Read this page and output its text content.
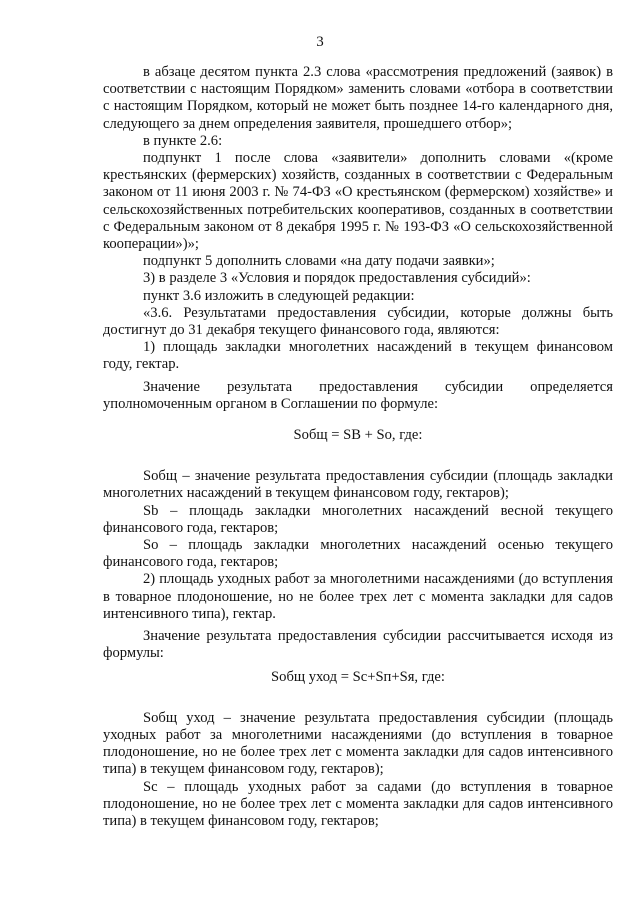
3

в абзаце десятом пункта 2.3 слова «рассмотрения предложений (заявок) в соответствии с настоящим Порядком» заменить словами «отбора в соответствии с настоящим Порядком, который не может быть позднее 14-го календарного дня, следующего за днем определения заявителя, прошедшего отбор»;

в пункте 2.6:

подпункт 1 после слова «заявители» дополнить словами «(кроме крестьянских (фермерских) хозяйств, созданных в соответствии с Федеральным законом от 11 июня 2003 г. № 74-ФЗ «О крестьянском (фермерском) хозяйстве» и сельскохозяйственных потребительских кооперативов, созданных в соответствии с Федеральным законом от 8 декабря 1995 г. № 193-ФЗ «О сельскохозяйственной кооперации»)»;

подпункт 5 дополнить словами «на дату подачи заявки»;

3) в разделе 3 «Условия и порядок предоставления субсидий»:

пункт 3.6 изложить в следующей редакции:

«3.6. Результатами предоставления субсидии, которые должны быть достигнут до 31 декабря текущего финансового года, являются:

1) площадь закладки многолетних насаждений в текущем финансовом году, гектар.

Значение результата предоставления субсидии определяется уполномоченным органом в Соглашении по формуле:

Sобщ = SВ + Sо, где:

Sобщ – значение результата предоставления субсидии (площадь закладки многолетних насаждений в текущем финансовом году, гектаров);

Sb – площадь закладки многолетних насаждений весной текущего финансового года, гектаров;

Sо – площадь закладки многолетних насаждений осенью текущего финансового года, гектаров;

2) площадь уходных работ за многолетними насаждениями (до вступления в товарное плодоношение, но не более трех лет с момента закладки для садов интенсивного типа), гектар.

Значение результата предоставления субсидии рассчитывается исходя из формулы:

Sобщ уход = Sс+Sп+Sя, где:

Sобщ уход – значение результата предоставления субсидии (площадь уходных работ за многолетними насаждениями (до вступления в товарное плодоношение, но не более трех лет с момента закладки для садов интенсивного типа) в текущем финансовом году, гектаров);

Sс – площадь уходных работ за садами (до вступления в товарное плодоношение, но не более трех лет с момента закладки для садов интенсивного типа) в текущем финансовом году, гектаров;
